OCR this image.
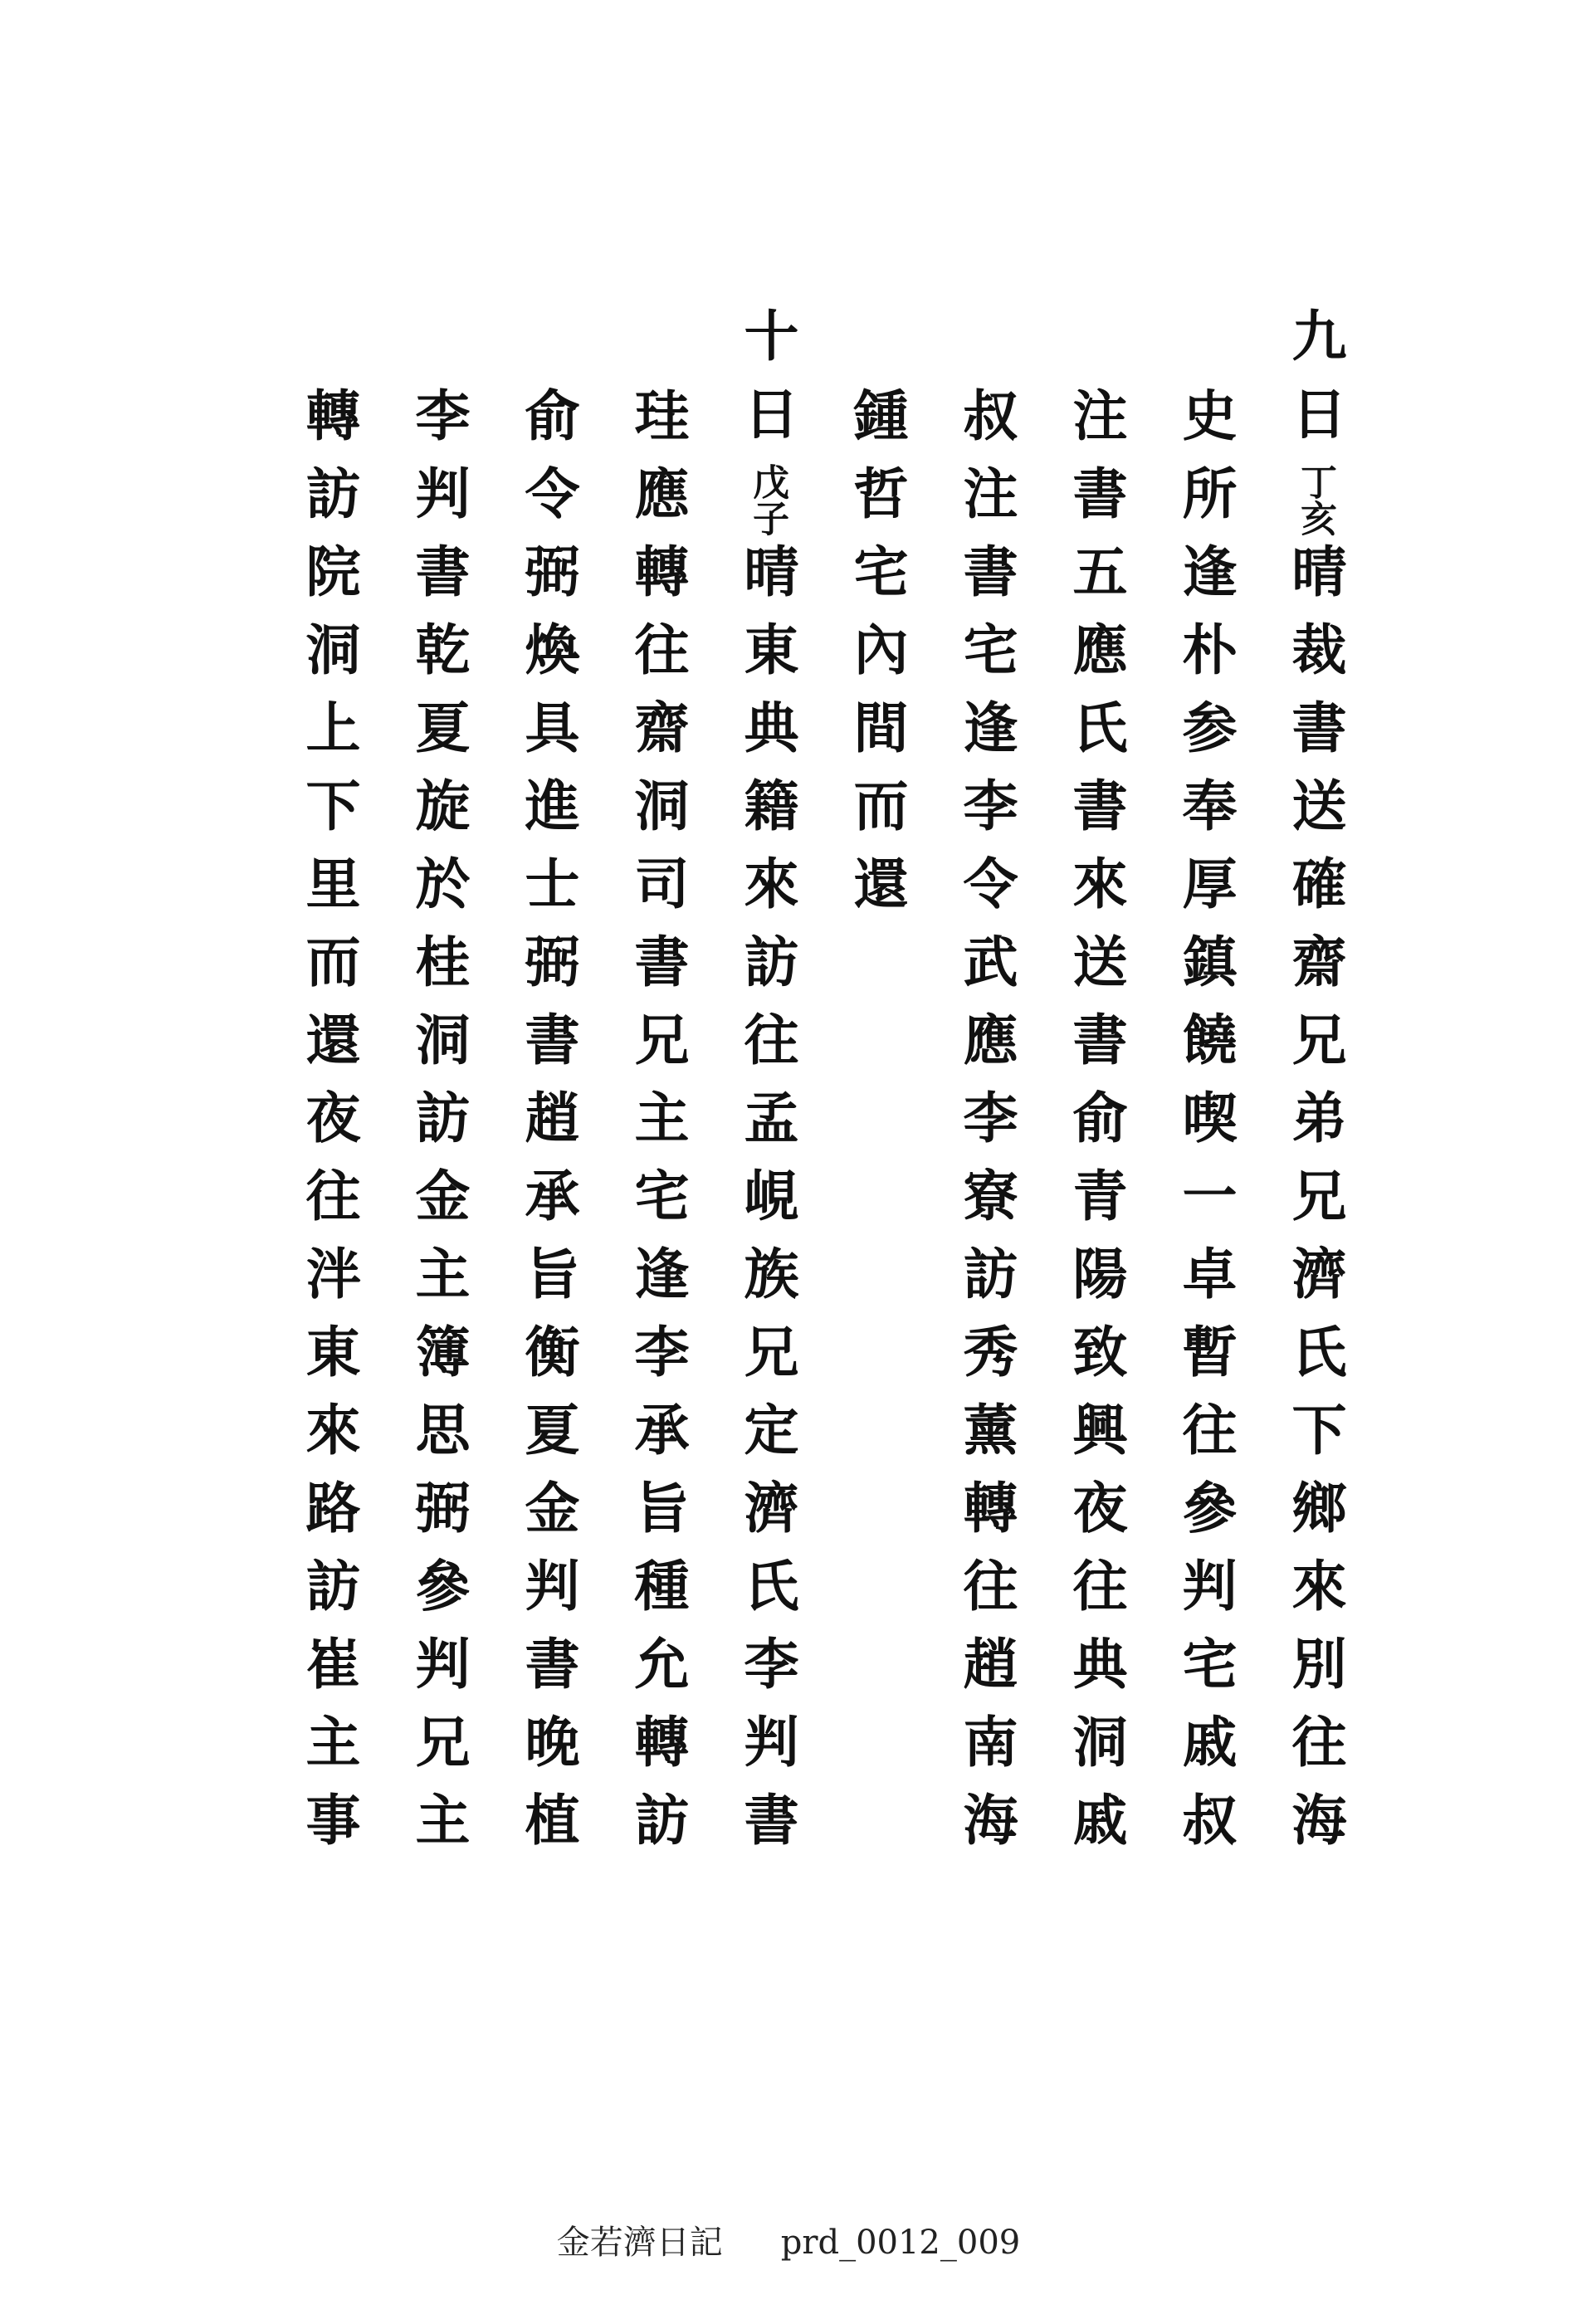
九日丁亥
晴裁書送確齋兄弟兄濟氏下鄉來別往海
史所逢朴参奉厚鎮饒喫一卓暫往參判宅戚叔
注書五應氏書來送書俞青陽致興夜往典洞戚
叔注書宅逢李令武應李寮訪秀薰轉往趙南海
鍾哲宅內間而還
十日戊子
晴東典籍來訪往孟峴族兄定濟氏李判書
珪應轉往齋洞司書兄主宅逢李承旨種允轉訪
俞令弼煥具進士弼書趙承旨衡夏金判書晚植
李判書乾夏旋於桂洞訪金主簿思弼參判兄主
轉訪院洞上下里而還夜往泮東來路訪崔主事
金若濟日記 prd_0012_009
